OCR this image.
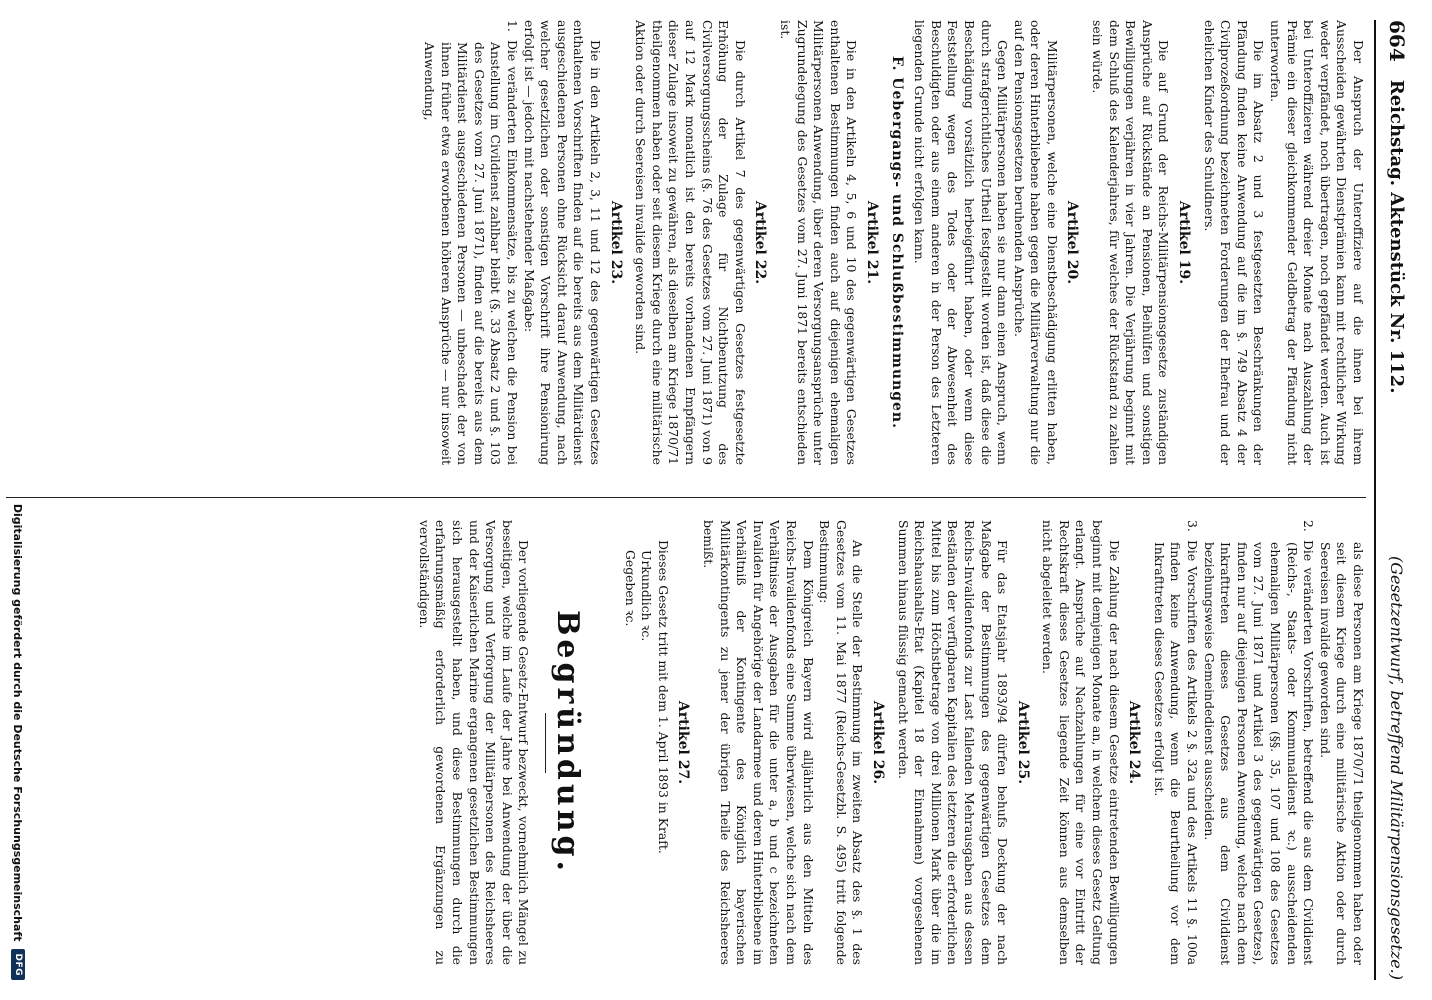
664
Reichstag. Aktenstück Nr. 112.
(Gesetzentwurf, betreffend Militärpensionsgesetze.)

Der Anspruch der Unteroffiziere auf die ihnen bei ihrem Ausscheiden gewährten Dienstprämien kann mit rechtlicher Wirkung weder verpfändet, noch übertragen, noch gepfändet werden. Auch ist bei Unteroffizieren während dreier Monate nach Auszahlung der Prämie ein dieser gleichkommender Geldbetrag der Pfändung nicht unterworfen.

Die im Absatz 2 und 3 festgesetzten Beschränkungen der Pfändung finden keine Anwendung auf die im §. 749 Absatz 4 der Civilprozeßordnung bezeichneten Forderungen der Ehefrau und der ehelichen Kinder des Schuldners.

Artikel 19.

Die auf Grund der Reichs-Militärpensionsgesetze zuständigen Ansprüche auf Rückstände an Pensionen, Beihülfen und sonstigen Bewilligungen verjähren in vier Jahren. Die Verjährung beginnt mit dem Schluß des Kalenderjahres, für welches der Rückstand zu zahlen sein würde.

Artikel 20.

Militärpersonen, welche eine Dienstbeschädigung erlitten haben, oder deren Hinterbliebene haben gegen die Militärverwaltung nur die auf den Pensionsgesetzen beruhenden Ansprüche.

Gegen Militärpersonen haben sie nur dann einen Anspruch, wenn durch strafgerichtliches Urtheil festgestellt worden ist, daß diese die Beschädigung vorsätzlich herbeigeführt haben, oder wenn diese Feststellung wegen des Todes oder der Abwesenheit des Beschuldigten oder aus einem anderen in der Person des Letzteren liegenden Grunde nicht erfolgen kann.

F. Uebergangs- und Schlußbestimmungen.
Artikel 21.

Die in den Artikeln 4, 5, 6 und 10 des gegenwärtigen Gesetzes enthaltenen Bestimmungen finden auch auf diejenigen ehemaligen Militärpersonen Anwendung, über deren Versorgungsansprüche unter Zugrundelegung des Gesetzes vom 27. Juni 1871 bereits entschieden ist.

Artikel 22.

Die durch Artikel 7 des gegenwärtigen Gesetzes festgesetzte Erhöhung der Zulage für Nichtbenutzung des Civilversorgungsscheins (§. 76 des Gesetzes vom 27. Juni 1871) von 9 auf 12 Mark monatlich ist den bereits vorhandenen Empfängern dieser Zulage insoweit zu gewähren, als dieselben am Kriege 1870/71 theilgenommen haben oder seit diesem Kriege durch eine militärische Aktion oder durch Seereisen invalide geworden sind.

Artikel 23.

Die in den Artikeln 2, 3, 11 und 12 des gegenwärtigen Gesetzes enthaltenen Vorschriften finden auf die bereits aus dem Militärdienst ausgeschiedenen Personen ohne Rücksicht darauf Anwendung, nach welcher gesetzlichen oder sonstigen Vorschrift ihre Pensionirung erfolgt ist — jedoch mit nachstehender Maßgabe:

1.Die veränderten Einkommensätze, bis zu welchen die Pension bei Anstellung im Civildienst zahlbar bleibt (§. 33 Absatz 2 und §. 103 des Gesetzes vom 27. Juni 1871), finden auf die bereits aus dem Militärdienst ausgeschiedenen Personen — unbeschadet der von ihnen früher etwa erworbenen höheren Ansprüche — nur insoweit Anwendung,

als diese Personen am Kriege 1870/71 theilgenommen haben oder seit diesem Kriege durch eine militärische Aktion oder durch Seereisen invalide geworden sind.

2.Die veränderten Vorschriften, betreffend die aus dem Civildienst (Reichs-, Staats- oder Kommunaldienst ꝛc.) ausscheidenden ehemaligen Militärpersonen (§§. 35, 107 und 108 des Gesetzes vom 27. Juni 1871 und Artikel 3 des gegenwärtigen Gesetzes), finden nur auf diejenigen Personen Anwendung, welche nach dem Inkrafttreten dieses Gesetzes aus dem Civildienst beziehungsweise Gemeindedienst ausscheiden.

3.Die Vorschriften des Artikels 2 §. 32a und des Artikels 11 §. 100a finden keine Anwendung, wenn die Beurtheilung vor dem Inkrafttreten dieses Gesetzes erfolgt ist.

Artikel 24.

Die Zahlung der nach diesem Gesetze eintretenden Bewilligungen beginnt mit demjenigen Monate an, in welchem dieses Gesetz Geltung erlangt. Ansprüche auf Nachzahlungen für eine vor Eintritt der Rechtskraft dieses Gesetzes liegende Zeit können aus demselben nicht abgeleitet werden.

Artikel 25.

Für das Etatsjahr 1893/94 dürfen behufs Deckung der nach Maßgabe der Bestimmungen des gegenwärtigen Gesetzes dem Reichs-Invalidenfonds zur Last fallenden Mehrausgaben aus dessen Beständen der verfügbaren Kapitalien des letzteren die erforderlichen Mittel bis zum Höchstbetrage von drei Millionen Mark über die im Reichshaushalts-Etat (Kapitel 18 der Einnahmen) vorgesehenen Summen hinaus flüssig gemacht werden.

Artikel 26.

An die Stelle der Bestimmung im zweiten Absatz des §. 1 des Gesetzes vom 11. Mai 1877 (Reichs-Gesetzbl. S. 495) tritt folgende Bestimmung:

Dem Königreich Bayern wird alljährlich aus den Mitteln des Reichs-Invalidenfonds eine Summe überwiesen, welche sich nach dem Verhältnisse der Ausgaben für die unter a, b und c bezeichneten Invaliden für Angehörige der Landarmee und deren Hinterbliebene im Verhältniß der Kontingente des Königlich bayerischen Militärkontingents zu jener der übrigen Theile des Reichsheeres bemißt.

Artikel 27.

Dieses Gesetz tritt mit dem 1. April 1893 in Kraft.

Urkundlich ꝛc.

Gegeben ꝛc.

Begründung.

Der vorliegende Gesetz-Entwurf bezweckt, vornehmlich Mängel zu beseitigen, welche im Laufe der Jahre bei Anwendung der über die Versorgung und Verforgung der Militärpersonen des Reichsheeres und der Kaiserlichen Marine ergangenen gesetzlichen Bestimmungen sich herausgestellt haben, und diese Bestimmungen durch die erfahrungsmäßig erforderlich gewordenen Ergänzungen zu vervollständigen.

Digitalisierung gefördert durch die Deutsche Forschungsgemeinschaft
DFG
